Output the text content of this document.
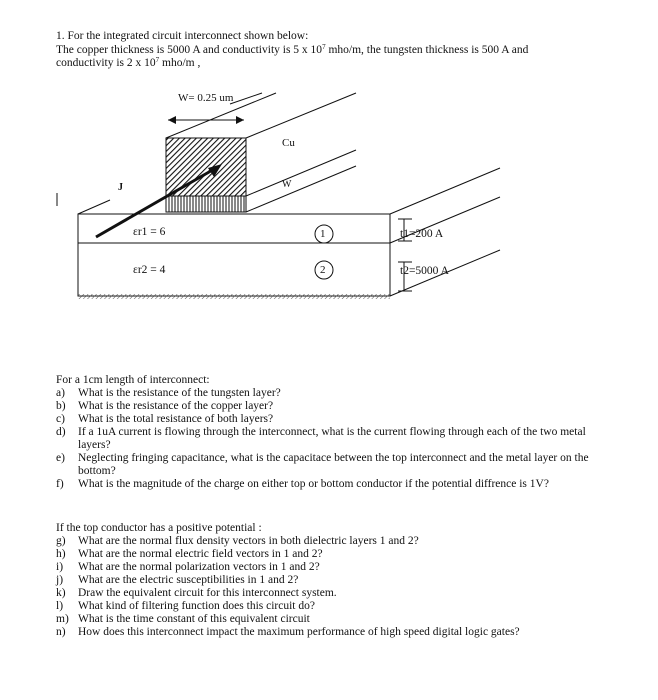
1. For the integrated circuit interconnect shown below:
The copper thickness is 5000 A and conductivity is 5 x $10^7$ mho/m, the tungsten thickness is 500 A and
conductivity is 2 x $10^7$ mho/m ,
W= 0.25 um
Cu
W
J
εr1 = 6
εr2 = 4
1
2
t1=200 A
t2=5000 A
For a 1cm length of interconnect:
a)	What is the resistance of the tungsten layer?
b)	What is the resistance of the copper layer?
c)	What is the total resistance of both layers?
d)	If a 1uA current is flowing through the interconnect, what is the current flowing through each of the two metal layers?
e)	Neglecting fringing capacitance, what is the capacitace between the top interconnect and the metal layer on the bottom?
f)	What is the magnitude of the charge on either top or bottom conductor if the potential diffrence is 1V?
If the top conductor has a positive potential :
g)	What are the normal flux density vectors in both dielectric layers 1 and 2?
h)	What are the normal electric field vectors in 1 and 2?
i)	What are the normal polarization vectors in 1 and 2?
j)	What are the electric susceptibilities in 1 and 2?
k)	Draw the equivalent circuit for this interconnect system.
l)	What kind of filtering function does this circuit do?
m) What is the time constant of this equivalent circuit
n)	How does this interconnect impact the maximum performance of high speed digital logic gates?
